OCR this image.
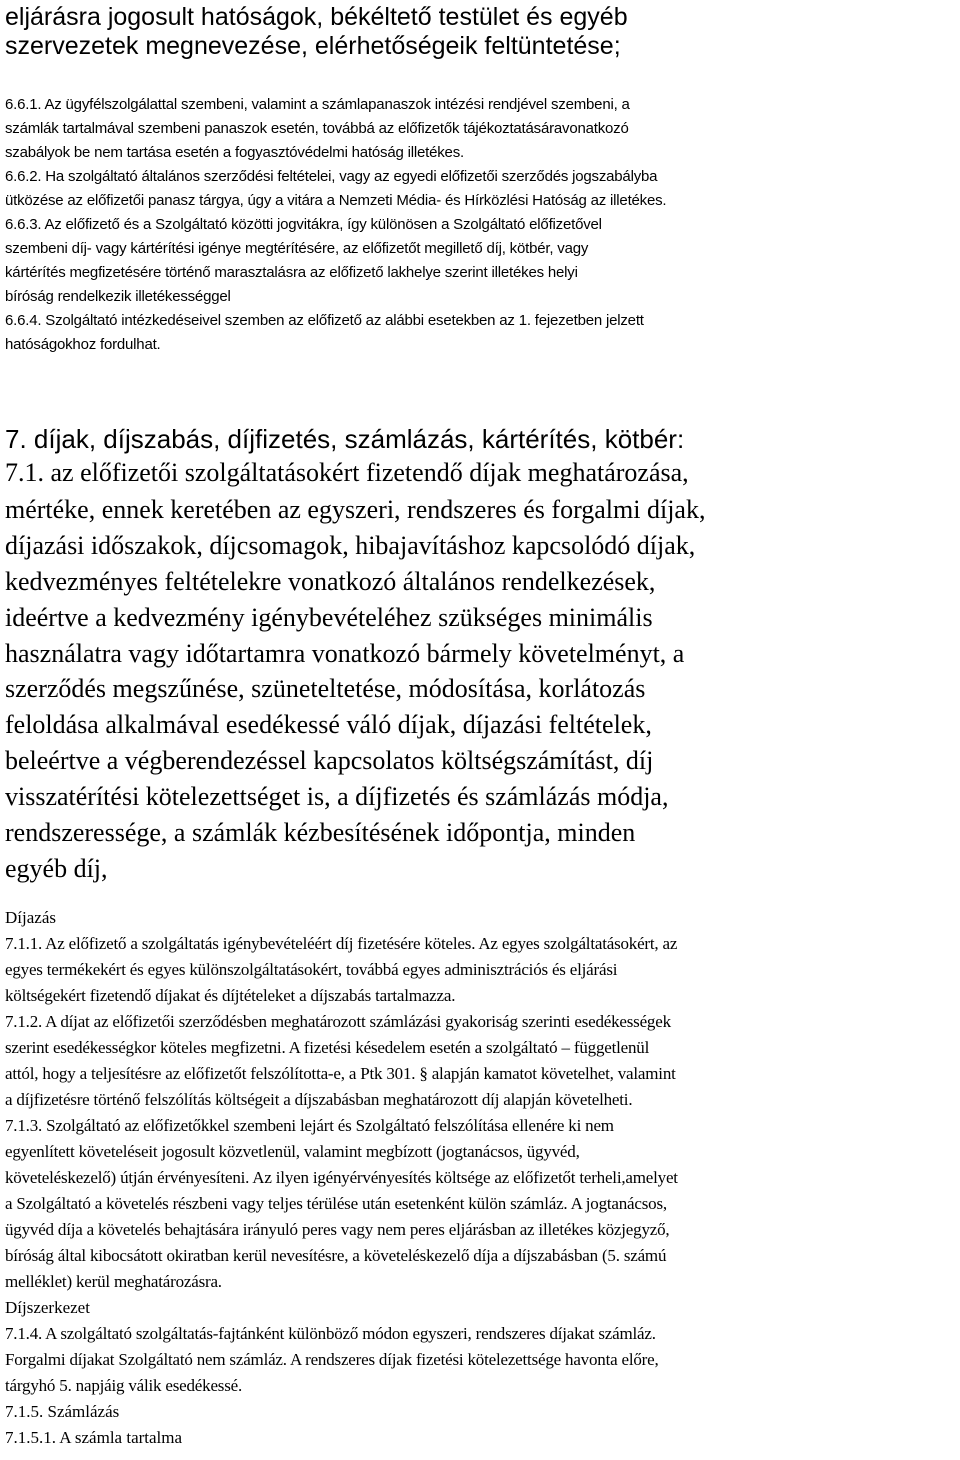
eljárásra jogosult hatóságok, békéltető testület és egyéb

szervezetek megnevezése, elérhetőségeik feltüntetése;

6.6.1. Az ügyfélszolgálattal szembeni, valamint a számlapanaszok intézési rendjével szembeni, a

számlák tartalmával szembeni panaszok esetén, továbbá az előfizetők tájékoztatásáravonatkozó

szabályok be nem tartása esetén a fogyasztóvédelmi hatóság illetékes.

6.6.2. Ha szolgáltató általános szerződési feltételei, vagy az egyedi előfizetői szerződés jogszabályba

ütközése az előfizetői panasz tárgya, úgy a vitára a Nemzeti Média- és Hírközlési Hatóság az illetékes.

6.6.3. Az előfizető és a Szolgáltató közötti jogvitákra, így különösen a Szolgáltató előfizetővel

szembeni díj- vagy kártérítési igénye megtérítésére, az előfizetőt megillető díj, kötbér, vagy

kártérítés megfizetésére történő marasztalásra az előfizető lakhelye szerint illetékes helyi

bíróság rendelkezik illetékességgel

6.6.4. Szolgáltató intézkedéseivel szemben az előfizető az alábbi esetekben az 1. fejezetben jelzett

hatóságokhoz fordulhat.

7. díjak, díjszabás, díjfizetés, számlázás, kártérítés, kötbér:

7.1. az előfizetői szolgáltatásokért fizetendő díjak meghatározása,

mértéke, ennek keretében az egyszeri, rendszeres és forgalmi díjak,

díjazási időszakok, díjcsomagok, hibajavításhoz kapcsolódó díjak,

kedvezményes feltételekre vonatkozó általános rendelkezések,

ideértve a kedvezmény igénybevételéhez szükséges minimális

használatra vagy időtartamra vonatkozó bármely követelményt, a

szerződés megszűnése, szüneteltetése, módosítása, korlátozás

feloldása alkalmával esedékessé váló díjak, díjazási feltételek,

beleértve a végberendezéssel kapcsolatos költségszámítást, díj

visszatérítési kötelezettséget is, a díjfizetés és számlázás módja,

rendszeressége, a számlák kézbesítésének időpontja, minden

egyéb díj,

Díjazás

7.1.1. Az előfizető a szolgáltatás igénybevételéért díj fizetésére köteles. Az egyes szolgáltatásokért, az

egyes termékekért és egyes különszolgáltatásokért, továbbá egyes adminisztrációs és eljárási

költségekért fizetendő díjakat és díjtételeket a díjszabás tartalmazza.

7.1.2. A díjat az előfizetői szerződésben meghatározott számlázási gyakoriság szerinti esedékességek

szerint esedékességkor köteles megfizetni. A fizetési késedelem esetén a szolgáltató – függetlenül

attól, hogy a teljesítésre az előfizetőt felszólította-e, a Ptk 301. § alapján kamatot követelhet, valamint

a díjfizetésre történő felszólítás költségeit a díjszabásban meghatározott díj alapján követelheti.

7.1.3. Szolgáltató az előfizetőkkel szembeni lejárt és Szolgáltató felszólítása ellenére ki nem

egyenlített követeléseit jogosult közvetlenül, valamint megbízott (jogtanácsos, ügyvéd,

követeléskezelő) útján érvényesíteni. Az ilyen igényérvényesítés költsége az előfizetőt terheli,amelyet

a Szolgáltató a követelés részbeni vagy teljes térülése után esetenként külön számláz. A jogtanácsos,

ügyvéd díja a követelés behajtására irányuló peres vagy nem peres eljárásban az illetékes közjegyző,

bíróság által kibocsátott okiratban kerül nevesítésre, a követeléskezelő díja a díjszabásban (5. számú

melléklet) kerül meghatározásra.

Díjszerkezet

7.1.4. A szolgáltató szolgáltatás-fajtánként különböző módon egyszeri, rendszeres díjakat számláz.

Forgalmi díjakat Szolgáltató nem számláz. A rendszeres díjak fizetési kötelezettsége havonta előre,

tárgyhó 5. napjáig válik esedékessé.

7.1.5. Számlázás

7.1.5.1. A számla tartalma
